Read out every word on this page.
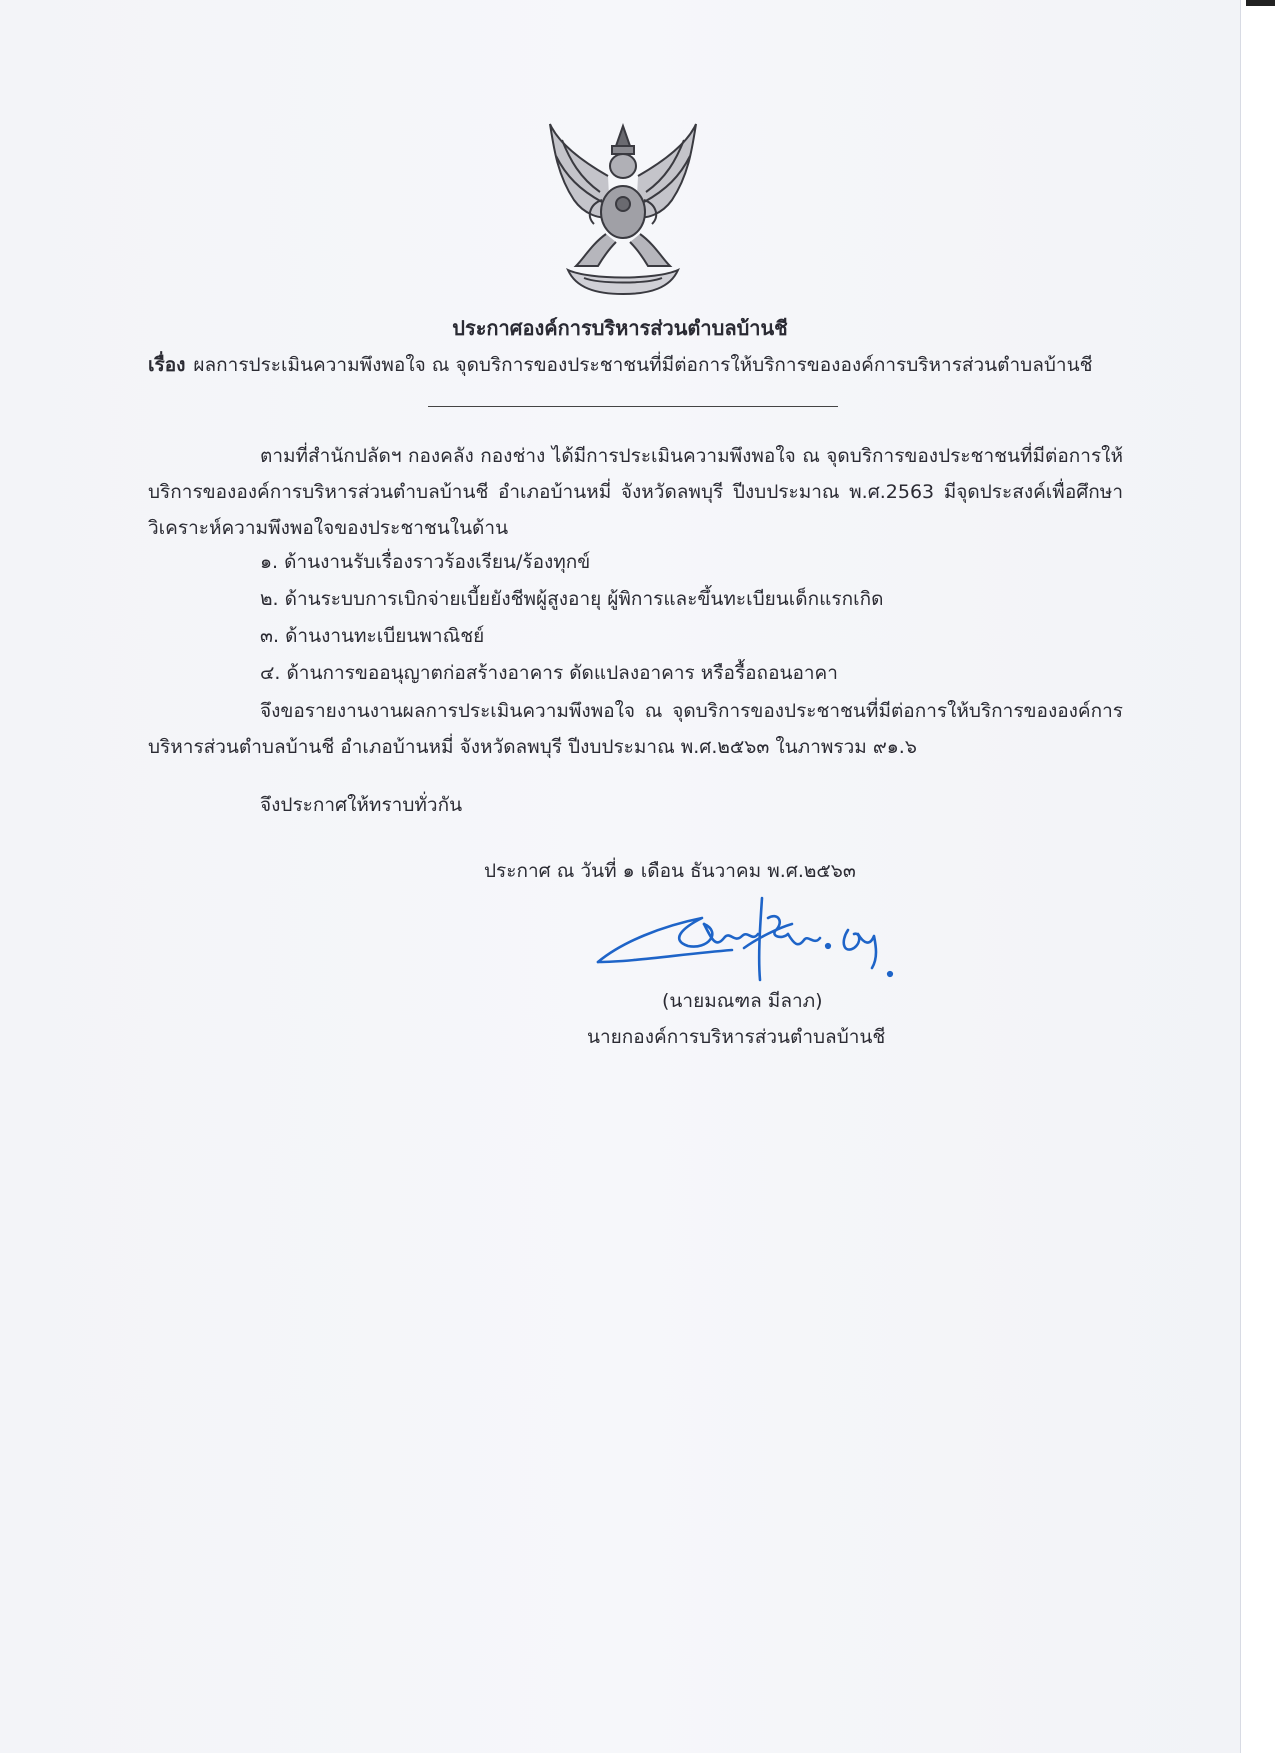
ประกาศองค์การบริหารส่วนตำบลบ้านชี
เรื่อง ผลการประเมินความพึงพอใจ ณ จุดบริการของประชาชนที่มีต่อการให้บริการขององค์การบริหารส่วนตำบลบ้านชี
ตามที่สำนักปลัดฯ กองคลัง กองช่าง ได้มีการประเมินความพึงพอใจ ณ จุดบริการของประชาชนที่มีต่อการให้บริการขององค์การบริหารส่วนตำบลบ้านชี อำเภอบ้านหมี่ จังหวัดลพบุรี ปีงบประมาณ พ.ศ.2563 มีจุดประสงค์เพื่อศึกษาวิเคราะห์ความพึงพอใจของประชาชนในด้าน
๑. ด้านงานรับเรื่องราวร้องเรียน/ร้องทุกข์
๒. ด้านระบบการเบิกจ่ายเบี้ยยังชีพผู้สูงอายุ ผู้พิการและขึ้นทะเบียนเด็กแรกเกิด
๓. ด้านงานทะเบียนพาณิชย์
๔. ด้านการขออนุญาตก่อสร้างอาคาร ดัดแปลงอาคาร หรือรื้อถอนอาคา
จึงขอรายงานงานผลการประเมินความพึงพอใจ ณ จุดบริการของประชาชนที่มีต่อการให้บริการขององค์การบริหารส่วนตำบลบ้านชี อำเภอบ้านหมี่ จังหวัดลพบุรี ปีงบประมาณ พ.ศ.๒๕๖๓ ในภาพรวม ๙๑.๖
จึงประกาศให้ทราบทั่วกัน
ประกาศ ณ วันที่ ๑ เดือน ธันวาคม พ.ศ.๒๕๖๓
(นายมณฑล มีลาภ)
นายกองค์การบริหารส่วนตำบลบ้านชี
